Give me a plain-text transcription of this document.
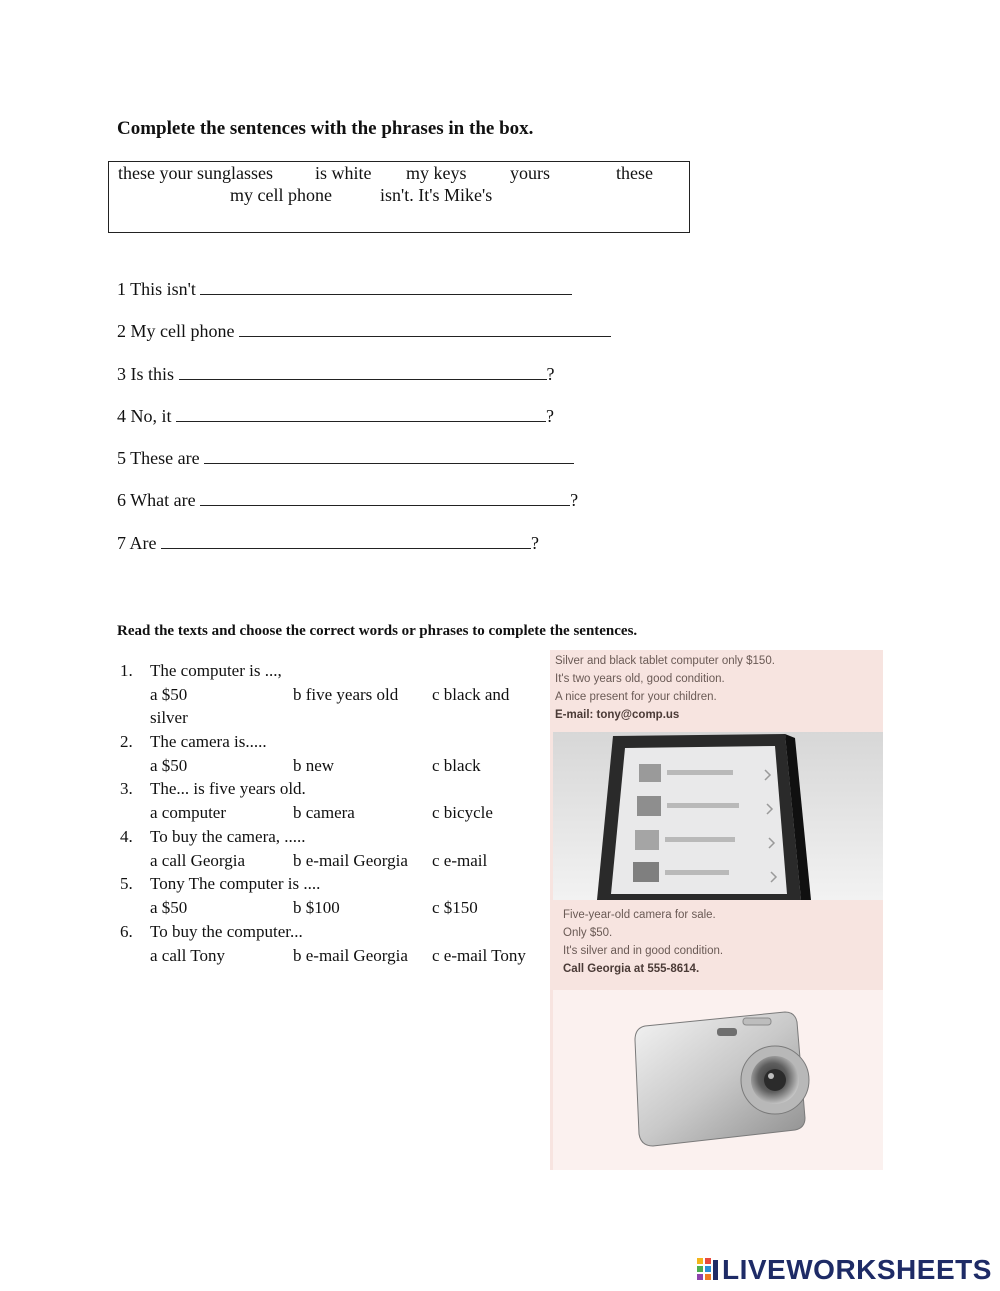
Complete the sentences with the phrases in the box.
these your sunglasses is white my keys yours	these
my cell phone	isn't. It's Mike's
1 This isn't
2 My cell phone
3 Is this	?
4 No, it	?
5 These are
6 What are	?
7 Are	?
Read the texts and choose the correct words or phrases to complete the sentences.
1. The computer is ...,
a $50	b five years old c black and
silver
2. The camera is.....
a $50	b new	c black
3. The... is five years old.
a computer	b camera	c bicycle
4. To buy the camera, .....
a call Georgia	b e-mail Georgia c e-mail
5. Tony The computer is ....
a $50	b $100	c $150
6. To buy the computer...
a call Tony	b e-mail Georgia c e-mail Tony
Silver and black tablet computer only $150.
It's two years old, good condition.
A nice present for your children.
E-mail: tony@comp.us
Five-year-old camera for sale.
Only $50.
It's silver and in good condition.
Call Georgia at 555-8614.
LIVEWORKSHEETS
